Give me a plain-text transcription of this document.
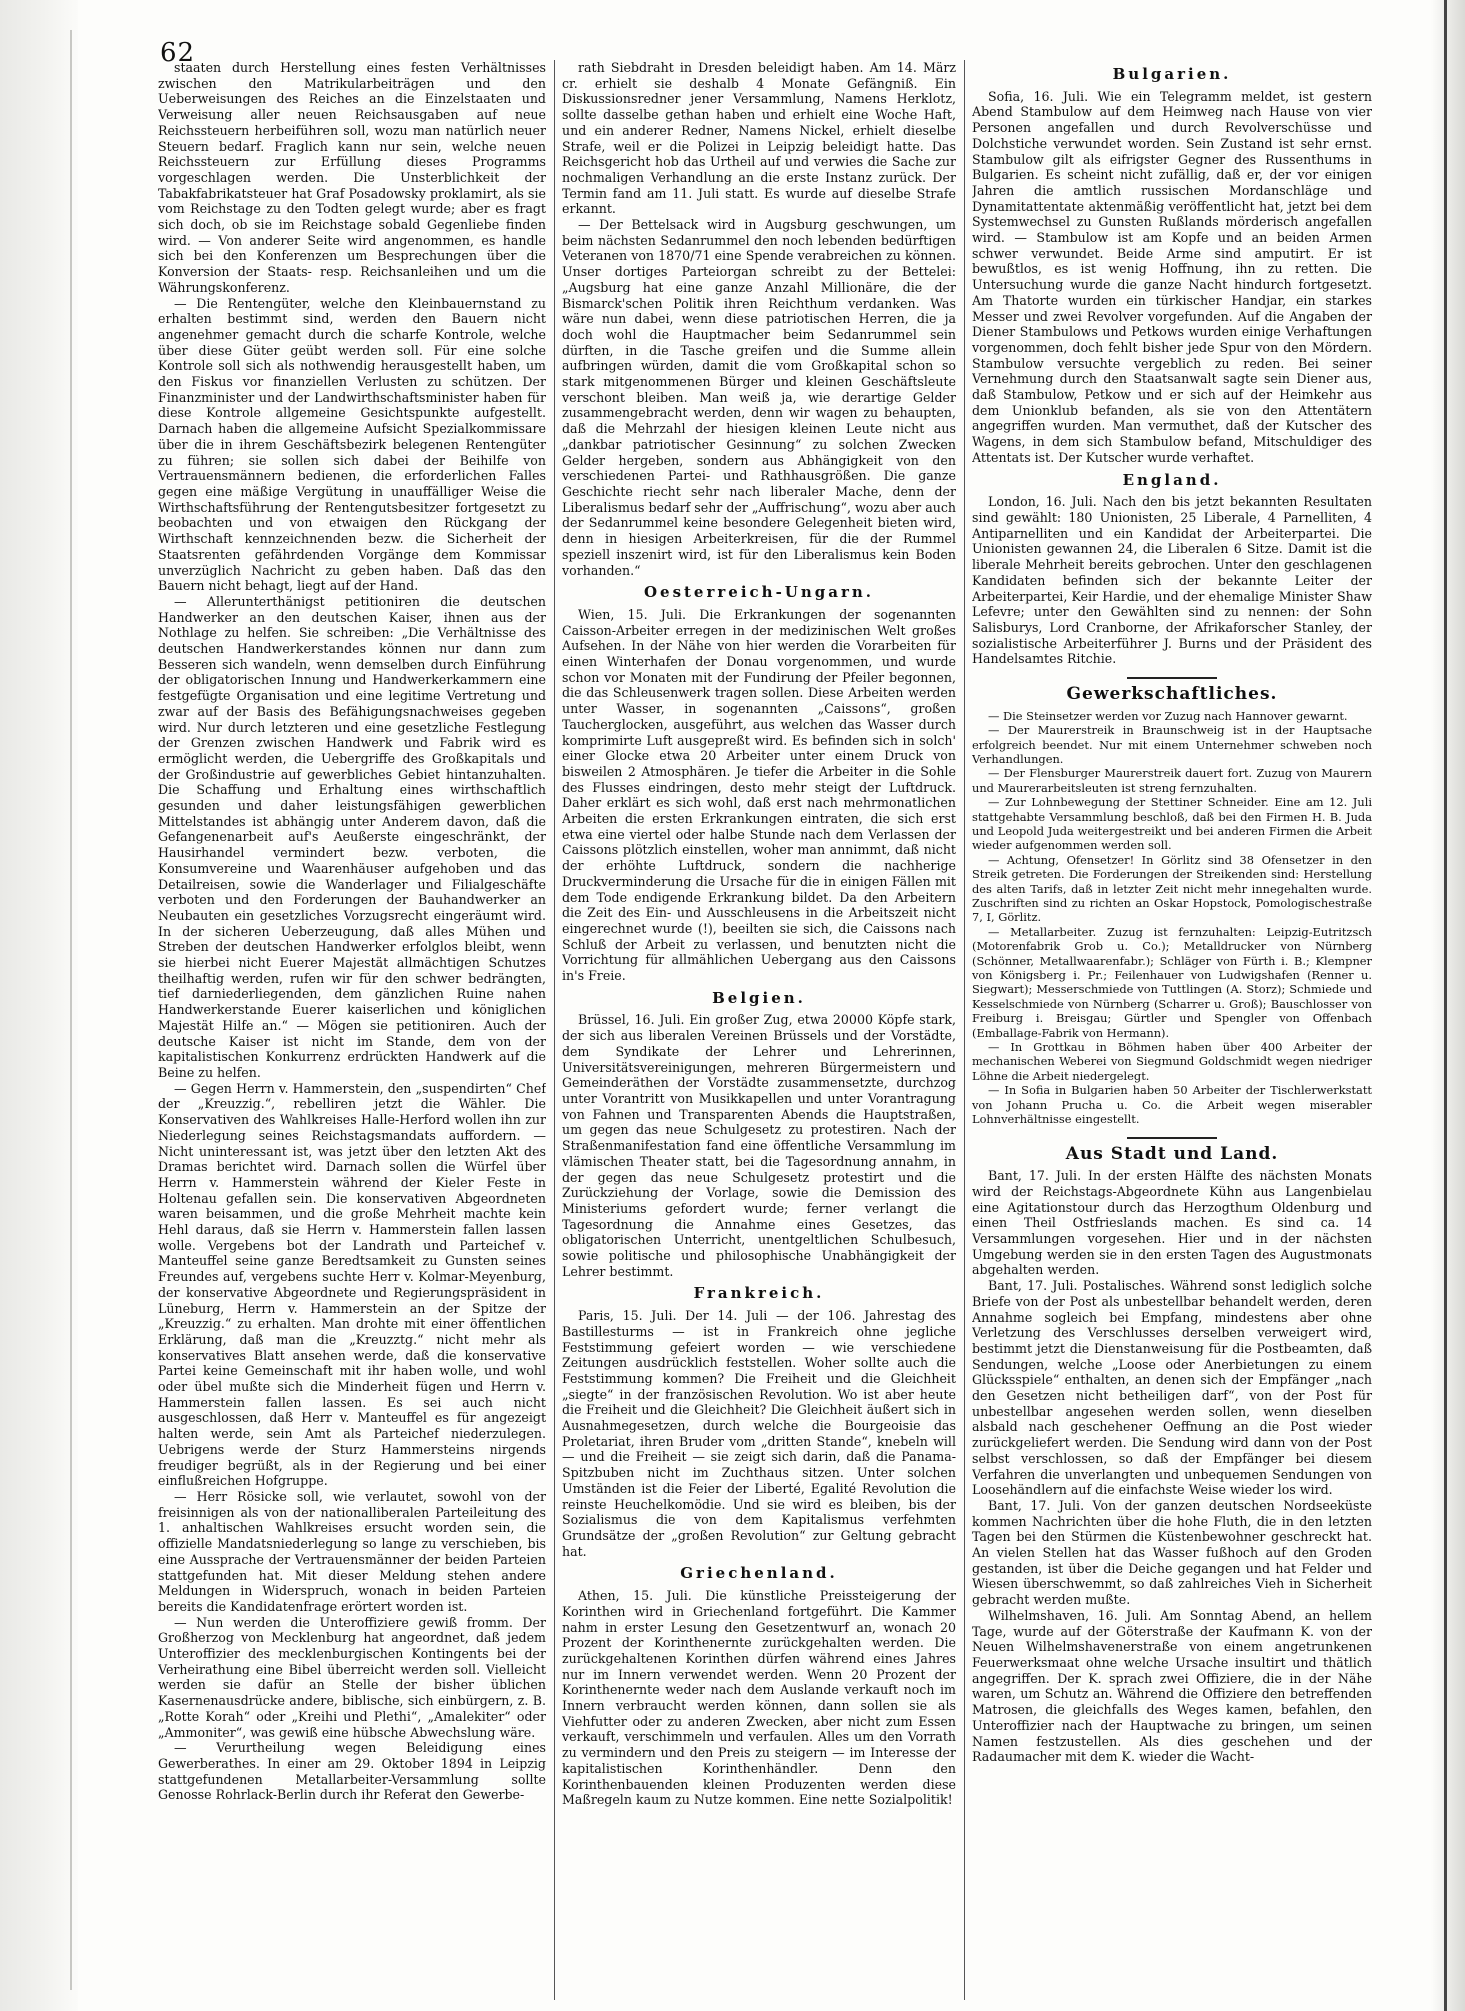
62

staaten durch Herstellung eines festen Verhältnisses zwischen den Matrikularbeiträgen und den Ueberweisungen des Reiches an die Einzelstaaten und Verweisung aller neuen Reichsausgaben auf neue Reichssteuern herbeiführen soll, wozu man natürlich neuer Steuern bedarf. Fraglich kann nur sein, welche neuen Reichssteuern zur Erfüllung dieses Programms vorgeschlagen werden. Die Unsterblichkeit der Tabakfabrikatsteuer hat Graf Posadowsky proklamirt, als sie vom Reichstage zu den Todten gelegt wurde; aber es fragt sich doch, ob sie im Reichstage sobald Gegenliebe finden wird. — Von anderer Seite wird angenommen, es handle sich bei den Konferenzen um Besprechungen über die Konversion der Staats- resp. Reichsanleihen und um die Währungskonferenz.

— Die Rentengüter, welche den Kleinbauernstand zu erhalten bestimmt sind, werden den Bauern nicht angenehmer gemacht durch die scharfe Kontrole, welche über diese Güter geübt werden soll. Für eine solche Kontrole soll sich als nothwendig herausgestellt haben, um den Fiskus vor finanziellen Verlusten zu schützen. Der Finanzminister und der Landwirthschaftsminister haben für diese Kontrole allgemeine Gesichtspunkte aufgestellt. Darnach haben die allgemeine Aufsicht Spezialkommissare über die in ihrem Geschäftsbezirk belegenen Rentengüter zu führen; sie sollen sich dabei der Beihilfe von Vertrauensmännern bedienen, die erforderlichen Falles gegen eine mäßige Vergütung in unauffälliger Weise die Wirthschaftsführung der Rentengutsbesitzer fortgesetzt zu beobachten und von etwaigen den Rückgang der Wirthschaft kennzeichnenden bezw. die Sicherheit der Staatsrenten gefährdenden Vorgänge dem Kommissar unverzüglich Nachricht zu geben haben. Daß das den Bauern nicht behagt, liegt auf der Hand.

— Allerunterthänigst petitioniren die deutschen Handwerker an den deutschen Kaiser, ihnen aus der Nothlage zu helfen. Sie schreiben: „Die Verhältnisse des deutschen Handwerkerstandes können nur dann zum Besseren sich wandeln, wenn demselben durch Einführung der obligatorischen Innung und Handwerkerkammern eine festgefügte Organisation und eine legitime Vertretung und zwar auf der Basis des Befähigungsnachweises gegeben wird. Nur durch letzteren und eine gesetzliche Festlegung der Grenzen zwischen Handwerk und Fabrik wird es ermöglicht werden, die Uebergriffe des Großkapitals und der Großindustrie auf gewerbliches Gebiet hintanzuhalten. Die Schaffung und Erhaltung eines wirthschaftlich gesunden und daher leistungsfähigen gewerblichen Mittelstandes ist abhängig unter Anderem davon, daß die Gefangenenarbeit auf's Aeußerste eingeschränkt, der Hausirhandel vermindert bezw. verboten, die Konsumvereine und Waarenhäuser aufgehoben und das Detailreisen, sowie die Wanderlager und Filialgeschäfte verboten und den Forderungen der Bauhandwerker an Neubauten ein gesetzliches Vorzugsrecht eingeräumt wird. In der sicheren Ueberzeugung, daß alles Mühen und Streben der deutschen Handwerker erfolglos bleibt, wenn sie hierbei nicht Euerer Majestät allmächtigen Schutzes theilhaftig werden, rufen wir für den schwer bedrängten, tief darniederliegenden, dem gänzlichen Ruine nahen Handwerkerstande Euerer kaiserlichen und königlichen Majestät Hilfe an.“ — Mögen sie petitioniren. Auch der deutsche Kaiser ist nicht im Stande, dem von der kapitalistischen Konkurrenz erdrückten Handwerk auf die Beine zu helfen.

— Gegen Herrn v. Hammerstein, den „suspendirten“ Chef der „Kreuzzig.“, rebelliren jetzt die Wähler. Die Konservativen des Wahlkreises Halle-Herford wollen ihn zur Niederlegung seines Reichstagsmandats auffordern. — Nicht uninteressant ist, was jetzt über den letzten Akt des Dramas berichtet wird. Darnach sollen die Würfel über Herrn v. Hammerstein während der Kieler Feste in Holtenau gefallen sein. Die konservativen Abgeordneten waren beisammen, und die große Mehrheit machte kein Hehl daraus, daß sie Herrn v. Hammerstein fallen lassen wolle. Vergebens bot der Landrath und Parteichef v. Manteuffel seine ganze Beredtsamkeit zu Gunsten seines Freundes auf, vergebens suchte Herr v. Kolmar-Meyenburg, der konservative Abgeordnete und Regierungspräsident in Lüneburg, Herrn v. Hammerstein an der Spitze der „Kreuzzig.“ zu erhalten. Man drohte mit einer öffentlichen Erklärung, daß man die „Kreuzztg.“ nicht mehr als konservatives Blatt ansehen werde, daß die konservative Partei keine Gemeinschaft mit ihr haben wolle, und wohl oder übel mußte sich die Minderheit fügen und Herrn v. Hammerstein fallen lassen. Es sei auch nicht ausgeschlossen, daß Herr v. Manteuffel es für angezeigt halten werde, sein Amt als Parteichef niederzulegen. Uebrigens werde der Sturz Hammersteins nirgends freudiger begrüßt, als in der Regierung und bei einer einflußreichen Hofgruppe.

— Herr Rösicke soll, wie verlautet, sowohl von der freisinnigen als von der nationalliberalen Parteileitung des 1. anhaltischen Wahlkreises ersucht worden sein, die offizielle Mandatsniederlegung so lange zu verschieben, bis eine Aussprache der Vertrauensmänner der beiden Parteien stattgefunden hat. Mit dieser Meldung stehen andere Meldungen in Widerspruch, wonach in beiden Parteien bereits die Kandidatenfrage erörtert worden ist.

— Nun werden die Unteroffiziere gewiß fromm. Der Großherzog von Mecklenburg hat angeordnet, daß jedem Unteroffizier des mecklenburgischen Kontingents bei der Verheirathung eine Bibel überreicht werden soll. Vielleicht werden sie dafür an Stelle der bisher üblichen Kasernenausdrücke andere, biblische, sich einbürgern, z. B. „Rotte Korah“ oder „Kreihi und Plethi“, „Amalekiter“ oder „Ammoniter“, was gewiß eine hübsche Abwechslung wäre.

— Verurtheilung wegen Beleidigung eines Gewerberathes. In einer am 29. Oktober 1894 in Leipzig stattgefundenen Metallarbeiter-Versammlung sollte Genosse Rohrlack-Berlin durch ihr Referat den Gewerbe-

rath Siebdraht in Dresden beleidigt haben. Am 14. März cr. erhielt sie deshalb 4 Monate Gefängniß. Ein Diskussionsredner jener Versammlung, Namens Herklotz, sollte dasselbe gethan haben und erhielt eine Woche Haft, und ein anderer Redner, Namens Nickel, erhielt dieselbe Strafe, weil er die Polizei in Leipzig beleidigt hatte. Das Reichsgericht hob das Urtheil auf und verwies die Sache zur nochmaligen Verhandlung an die erste Instanz zurück. Der Termin fand am 11. Juli statt. Es wurde auf dieselbe Strafe erkannt.

— Der Bettelsack wird in Augsburg geschwungen, um beim nächsten Sedanrummel den noch lebenden bedürftigen Veteranen von 1870/71 eine Spende verabreichen zu können. Unser dortiges Parteiorgan schreibt zu der Bettelei: „Augsburg hat eine ganze Anzahl Millionäre, die der Bismarck'schen Politik ihren Reichthum verdanken. Was wäre nun dabei, wenn diese patriotischen Herren, die ja doch wohl die Hauptmacher beim Sedanrummel sein dürften, in die Tasche greifen und die Summe allein aufbringen würden, damit die vom Großkapital schon so stark mitgenommenen Bürger und kleinen Geschäftsleute verschont bleiben. Man weiß ja, wie derartige Gelder zusammengebracht werden, denn wir wagen zu behaupten, daß die Mehrzahl der hiesigen kleinen Leute nicht aus „dankbar patriotischer Gesinnung“ zu solchen Zwecken Gelder hergeben, sondern aus Abhängigkeit von den verschiedenen Partei- und Rathhausgrößen. Die ganze Geschichte riecht sehr nach liberaler Mache, denn der Liberalismus bedarf sehr der „Auffrischung“, wozu aber auch der Sedanrummel keine besondere Gelegenheit bieten wird, denn in hiesigen Arbeiterkreisen, für die der Rummel speziell inszenirt wird, ist für den Liberalismus kein Boden vorhanden.“

Oesterreich-Ungarn.

Wien, 15. Juli. Die Erkrankungen der sogenannten Caisson-Arbeiter erregen in der medizinischen Welt großes Aufsehen. In der Nähe von hier werden die Vorarbeiten für einen Winterhafen der Donau vorgenommen, und wurde schon vor Monaten mit der Fundirung der Pfeiler begonnen, die das Schleusenwerk tragen sollen. Diese Arbeiten werden unter Wasser, in sogenannten „Caissons“, großen Taucherglocken, ausgeführt, aus welchen das Wasser durch komprimirte Luft ausgepreßt wird. Es befinden sich in solch' einer Glocke etwa 20 Arbeiter unter einem Druck von bisweilen 2 Atmosphären. Je tiefer die Arbeiter in die Sohle des Flusses eindringen, desto mehr steigt der Luftdruck. Daher erklärt es sich wohl, daß erst nach mehrmonatlichen Arbeiten die ersten Erkrankungen eintraten, die sich erst etwa eine viertel oder halbe Stunde nach dem Verlassen der Caissons plötzlich einstellen, woher man annimmt, daß nicht der erhöhte Luftdruck, sondern die nachherige Druckverminderung die Ursache für die in einigen Fällen mit dem Tode endigende Erkrankung bildet. Da den Arbeitern die Zeit des Ein- und Ausschleusens in die Arbeitszeit nicht eingerechnet wurde (!), beeilten sie sich, die Caissons nach Schluß der Arbeit zu verlassen, und benutzten nicht die Vorrichtung für allmählichen Uebergang aus den Caissons in's Freie.

Belgien.

Brüssel, 16. Juli. Ein großer Zug, etwa 20000 Köpfe stark, der sich aus liberalen Vereinen Brüssels und der Vorstädte, dem Syndikate der Lehrer und Lehrerinnen, Universitätsvereinigungen, mehreren Bürgermeistern und Gemeinderäthen der Vorstädte zusammensetzte, durchzog unter Vorantritt von Musikkapellen und unter Vorantragung von Fahnen und Transparenten Abends die Hauptstraßen, um gegen das neue Schulgesetz zu protestiren. Nach der Straßenmanifestation fand eine öffentliche Versammlung im vlämischen Theater statt, bei die Tagesordnung annahm, in der gegen das neue Schulgesetz protestirt und die Zurückziehung der Vorlage, sowie die Demission des Ministeriums gefordert wurde; ferner verlangt die Tagesordnung die Annahme eines Gesetzes, das obligatorischen Unterricht, unentgeltlichen Schulbesuch, sowie politische und philosophische Unabhängigkeit der Lehrer bestimmt.

Frankreich.

Paris, 15. Juli. Der 14. Juli — der 106. Jahrestag des Bastillesturms — ist in Frankreich ohne jegliche Feststimmung gefeiert worden — wie verschiedene Zeitungen ausdrücklich feststellen. Woher sollte auch die Feststimmung kommen? Die Freiheit und die Gleichheit „siegte“ in der französischen Revolution. Wo ist aber heute die Freiheit und die Gleichheit? Die Gleichheit äußert sich in Ausnahmegesetzen, durch welche die Bourgeoisie das Proletariat, ihren Bruder vom „dritten Stande“, knebeln will — und die Freiheit — sie zeigt sich darin, daß die Panama-Spitzbuben nicht im Zuchthaus sitzen. Unter solchen Umständen ist die Feier der Liberté, Egalité Revolution die reinste Heuchelkomödie. Und sie wird es bleiben, bis der Sozialismus die von dem Kapitalismus verfehmten Grundsätze der „großen Revolution“ zur Geltung gebracht hat.

Griechenland.

Athen, 15. Juli. Die künstliche Preissteigerung der Korinthen wird in Griechenland fortgeführt. Die Kammer nahm in erster Lesung den Gesetzentwurf an, wonach 20 Prozent der Korinthenernte zurückgehalten werden. Die zurückgehaltenen Korinthen dürfen während eines Jahres nur im Innern verwendet werden. Wenn 20 Prozent der Korinthenernte weder nach dem Auslande verkauft noch im Innern verbraucht werden können, dann sollen sie als Viehfutter oder zu anderen Zwecken, aber nicht zum Essen verkauft, verschimmeln und verfaulen. Alles um den Vorrath zu vermindern und den Preis zu steigern — im Interesse der kapitalistischen Korinthenhändler. Denn den Korinthenbauenden kleinen Produzenten werden diese Maßregeln kaum zu Nutze kommen. Eine nette Sozialpolitik!

Bulgarien.

Sofia, 16. Juli. Wie ein Telegramm meldet, ist gestern Abend Stambulow auf dem Heimweg nach Hause von vier Personen angefallen und durch Revolverschüsse und Dolchstiche verwundet worden. Sein Zustand ist sehr ernst. Stambulow gilt als eifrigster Gegner des Russenthums in Bulgarien. Es scheint nicht zufällig, daß er, der vor einigen Jahren die amtlich russischen Mordanschläge und Dynamitattentate aktenmäßig veröffentlicht hat, jetzt bei dem Systemwechsel zu Gunsten Rußlands mörderisch angefallen wird. — Stambulow ist am Kopfe und an beiden Armen schwer verwundet. Beide Arme sind amputirt. Er ist bewußtlos, es ist wenig Hoffnung, ihn zu retten. Die Untersuchung wurde die ganze Nacht hindurch fortgesetzt. Am Thatorte wurden ein türkischer Handjar, ein starkes Messer und zwei Revolver vorgefunden. Auf die Angaben der Diener Stambulows und Petkows wurden einige Verhaftungen vorgenommen, doch fehlt bisher jede Spur von den Mördern. Stambulow versuchte vergeblich zu reden. Bei seiner Vernehmung durch den Staatsanwalt sagte sein Diener aus, daß Stambulow, Petkow und er sich auf der Heimkehr aus dem Unionklub befanden, als sie von den Attentätern angegriffen wurden. Man vermuthet, daß der Kutscher des Wagens, in dem sich Stambulow befand, Mitschuldiger des Attentats ist. Der Kutscher wurde verhaftet.

England.

London, 16. Juli. Nach den bis jetzt bekannten Resultaten sind gewählt: 180 Unionisten, 25 Liberale, 4 Parnelliten, 4 Antiparnelliten und ein Kandidat der Arbeiterpartei. Die Unionisten gewannen 24, die Liberalen 6 Sitze. Damit ist die liberale Mehrheit bereits gebrochen. Unter den geschlagenen Kandidaten befinden sich der bekannte Leiter der Arbeiterpartei, Keir Hardie, und der ehemalige Minister Shaw Lefevre; unter den Gewählten sind zu nennen: der Sohn Salisburys, Lord Cranborne, der Afrikaforscher Stanley, der sozialistische Arbeiterführer J. Burns und der Präsident des Handelsamtes Ritchie.

Gewerkschaftliches.

— Die Steinsetzer werden vor Zuzug nach Hannover gewarnt.

— Der Maurerstreik in Braunschweig ist in der Hauptsache erfolgreich beendet. Nur mit einem Unternehmer schweben noch Verhandlungen.

— Der Flensburger Maurerstreik dauert fort. Zuzug von Maurern und Maurerarbeitsleuten ist streng fernzuhalten.

— Zur Lohnbewegung der Stettiner Schneider. Eine am 12. Juli stattgehabte Versammlung beschloß, daß bei den Firmen H. B. Juda und Leopold Juda weitergestreikt und bei anderen Firmen die Arbeit wieder aufgenommen werden soll.

— Achtung, Ofensetzer! In Görlitz sind 38 Ofensetzer in den Streik getreten. Die Forderungen der Streikenden sind: Herstellung des alten Tarifs, daß in letzter Zeit nicht mehr innegehalten wurde. Zuschriften sind zu richten an Oskar Hopstock, Pomologischestraße 7, I, Görlitz.

— Metallarbeiter. Zuzug ist fernzuhalten: Leipzig-Eutritzsch (Motorenfabrik Grob u. Co.); Metalldrucker von Nürnberg (Schönner, Metallwaarenfabr.); Schläger von Fürth i. B.; Klempner von Königsberg i. Pr.; Feilenhauer von Ludwigshafen (Renner u. Siegwart); Messerschmiede von Tuttlingen (A. Storz); Schmiede und Kesselschmiede von Nürnberg (Scharrer u. Groß); Bauschlosser von Freiburg i. Breisgau; Gürtler und Spengler von Offenbach (Emballage-Fabrik von Hermann).

— In Grottkau in Böhmen haben über 400 Arbeiter der mechanischen Weberei von Siegmund Goldschmidt wegen niedriger Löhne die Arbeit niedergelegt.

— In Sofia in Bulgarien haben 50 Arbeiter der Tischlerwerkstatt von Johann Prucha u. Co. die Arbeit wegen miserabler Lohnverhältnisse eingestellt.

Aus Stadt und Land.

Bant, 17. Juli. In der ersten Hälfte des nächsten Monats wird der Reichstags-Abgeordnete Kühn aus Langenbielau eine Agitationstour durch das Herzogthum Oldenburg und einen Theil Ostfrieslands machen. Es sind ca. 14 Versammlungen vorgesehen. Hier und in der nächsten Umgebung werden sie in den ersten Tagen des Augustmonats abgehalten werden.

Bant, 17. Juli. Postalisches. Während sonst lediglich solche Briefe von der Post als unbestellbar behandelt werden, deren Annahme sogleich bei Empfang, mindestens aber ohne Verletzung des Verschlusses derselben verweigert wird, bestimmt jetzt die Dienstanweisung für die Postbeamten, daß Sendungen, welche „Loose oder Anerbietungen zu einem Glücksspiele“ enthalten, an denen sich der Empfänger „nach den Gesetzen nicht betheiligen darf“, von der Post für unbestellbar angesehen werden sollen, wenn dieselben alsbald nach geschehener Oeffnung an die Post wieder zurückgeliefert werden. Die Sendung wird dann von der Post selbst verschlossen, so daß der Empfänger bei diesem Verfahren die unverlangten und unbequemen Sendungen von Loosehändlern auf die einfachste Weise wieder los wird.

Bant, 17. Juli. Von der ganzen deutschen Nordseeküste kommen Nachrichten über die hohe Fluth, die in den letzten Tagen bei den Stürmen die Küstenbewohner geschreckt hat. An vielen Stellen hat das Wasser fußhoch auf den Groden gestanden, ist über die Deiche gegangen und hat Felder und Wiesen überschwemmt, so daß zahlreiches Vieh in Sicherheit gebracht werden mußte.

Wilhelmshaven, 16. Juli. Am Sonntag Abend, an hellem Tage, wurde auf der Göterstraße der Kaufmann K. von der Neuen Wilhelmshavenerstraße von einem angetrunkenen Feuerwerksmaat ohne welche Ursache insultirt und thätlich angegriffen. Der K. sprach zwei Offiziere, die in der Nähe waren, um Schutz an. Während die Offiziere den betreffenden Matrosen, die gleichfalls des Weges kamen, befahlen, den Unteroffizier nach der Hauptwache zu bringen, um seinen Namen festzustellen. Als dies geschehen und der Radaumacher mit dem K. wieder die Wacht-
